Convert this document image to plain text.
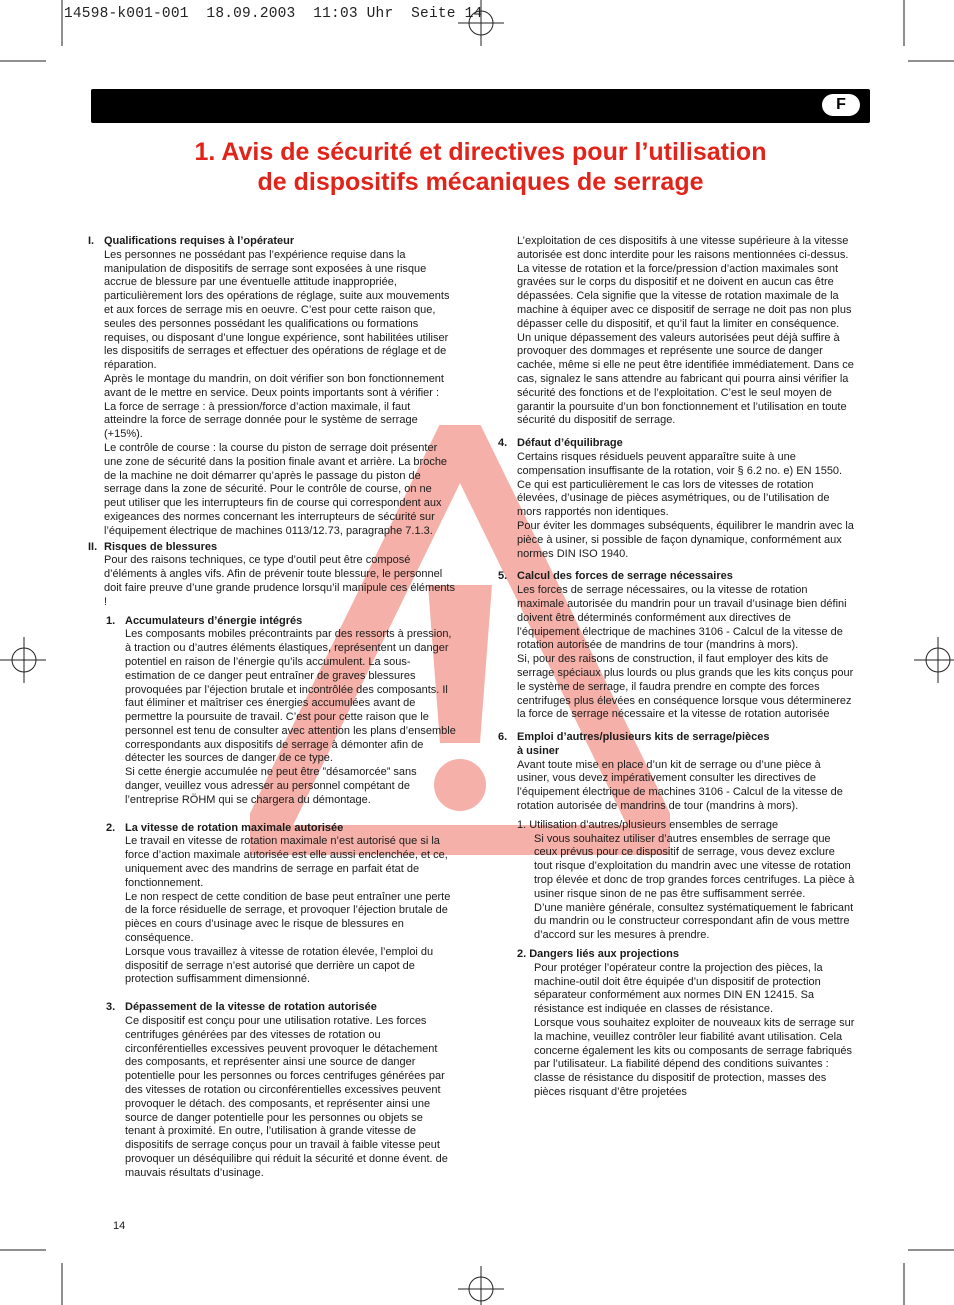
14598-k001-001  18.09.2003  11:03 Uhr  Seite 14
F
1. Avis de sécurité et directives pour l’utilisation
de dispositifs mécaniques de serrage
I. Qualifications requises à l’opérateur

Les personnes ne possédant pas l’expérience requise dans la manipulation de dispositifs de serrage sont exposées à une risque accrue de blessure par une éventuelle attitude inappropriée, particulièrement lors des opérations de réglage, suite aux mouvements et aux forces de serrage mis en oeuvre. C’est pour cette raison que, seules des personnes possédant les qualifications ou formations requises, ou disposant d’une longue expérience, sont habilitées utiliser les dispositifs de serrages et effectuer des opérations de réglage et de réparation.

Après le montage du mandrin, on doit vérifier son bon fonctionnement avant de le mettre en service. Deux points importants sont à vérifier :

La force de serrage : à pression/force d’action maximale, il faut atteindre la force de serrage donnée pour le système de serrage (+15%).

Le contrôle de course : la course du piston de serrage doit présenter une zone de sécurité dans la position finale avant et arrière. La broche de la machine ne doit démarrer qu’après le passage du piston de serrage dans la zone de sécurité. Pour le contrôle de course, on ne peut utiliser que les interrupteurs fin de course qui correspondent aux exigeances des normes concernant les interrupteurs de sécurité sur l’équipement électrique de machines 0113/12.73, paragraphe 7.1.3.

II. Risques de blessures

Pour des raisons techniques, ce type d’outil peut être composé d’éléments à angles vifs. Afin de prévenir toute blessure, le personnel doit faire preuve d’une grande prudence lorsqu’il manipule ces éléments !

1. Accumulateurs d’énergie intégrés

Les composants mobiles précontraints par des ressorts à pression, à traction ou d’autres éléments élastiques, représentent un danger potentiel en raison de l’énergie qu’ils accumulent. La sous-estimation de ce danger peut entraîner de graves blessures provoquées par l’éjection brutale et incontrôlée des composants. Il faut éliminer et maîtriser ces énergies accumulées avant de permettre la poursuite de travail. C’est pour cette raison que le personnel est tenu de consulter avec attention les plans d’ensemble correspondants aux dispositifs de serrage à démonter afin de détecter les sources de danger de ce type.

Si cette énergie accumulée ne peut être ”désamorcée” sans danger, veuillez vous adresser au personnel compétant de l’entreprise RÖHM qui se chargera du démontage.

2. La vitesse de rotation maximale autorisée

Le travail en vitesse de rotation maximale n’est autorisé que si la force d’action maximale autorisée est elle aussi enclenchée, et ce, uniquement avec des mandrins de serrage en parfait état de fonctionnement.

Le non respect de cette condition de base peut entraîner une perte de la force résiduelle de serrage, et provoquer l’éjection brutale de pièces en cours d’usinage avec le risque de blessures en conséquence.

Lorsque vous travaillez à vitesse de rotation élevée, l’emploi du dispositif de serrage n’est autorisé que derrière un capot de protection suffisamment dimensionné.

3. Dépassement de la vitesse de rotation autorisée

Ce dispositif est conçu pour une utilisation rotative. Les forces centrifuges générées par des vitesses de rotation ou circonférentielles excessives peuvent provoquer le détachement des composants, et représenter ainsi une source de danger potentielle pour les personnes ou forces centrifuges générées par des vitesses de rotation ou circonférentielles excessives peuvent provoquer le détach. des composants, et représenter ainsi une source de danger potentielle pour les personnes ou objets se tenant à proximité. En outre, l’utilisation à grande vitesse de dispositifs de serrage conçus pour un travail à faible vitesse peut provoquer un déséquilibre qui réduit la sécurité et donne évent. de mauvais résultats d’usinage.

L’exploitation de ces dispositifs à une vitesse supérieure à la vitesse autorisée est donc interdite pour les raisons mentionnées ci-dessus.

La vitesse de rotation et la force/pression d’action maximales sont gravées sur le corps du dispositif et ne doivent en aucun cas être dépassées. Cela signifie que la vitesse de rotation maximale de la machine à équiper avec ce dispositif de serrage ne doit pas non plus dépasser celle du dispositif, et qu’il faut la limiter en conséquence.

Un unique dépassement des valeurs autorisées peut déjà suffire à provoquer des dommages et représente une source de danger cachée, même si elle ne peut être identifiée immédiatement. Dans ce cas, signalez le sans attendre au fabricant qui pourra ainsi vérifier la sécurité des fonctions et de l’exploitation. C’est le seul moyen de garantir la poursuite d’un bon fonctionnement et l’utilisation en toute sécurité du dispositif de serrage.

4. Défaut d’équilibrage

Certains risques résiduels peuvent apparaître suite à une compensation insuffisante de la rotation, voir § 6.2 no. e) EN 1550. Ce qui est particulièrement le cas lors de vitesses de rotation élevées, d’usinage de pièces asymétriques, ou de l’utilisation de mors rapportés non identiques.

Pour éviter les dommages subséquents, équilibrer le mandrin avec la pièce à usiner, si possible de façon dynamique, conformément aux normes DIN ISO 1940.

5. Calcul des forces de serrage nécessaires

Les forces de serrage nécessaires, ou la vitesse de rotation maximale autorisée du mandrin pour un travail d’usinage bien défini doivent être déterminés conformément aux directives de l’équipement électrique de machines 3106 - Calcul de la vitesse de rotation autorisée de mandrins de tour (mandrins à mors).

Si, pour des raisons de construction, il faut employer des kits de serrage spéciaux plus lourds ou plus grands que les kits conçus pour le système de serrage, il faudra prendre en compte des forces centrifuges plus élevées en conséquence lorsque vous déterminerez la force de serrage nécessaire et la vitesse de rotation autorisée

6. Emploi d’autres/plusieurs kits de serrage/pièces
à usiner

Avant toute mise en place d’un kit de serrage ou d’une pièce à usiner, vous devez impérativement consulter les directives de l’équipement électrique de machines 3106 - Calcul de la vitesse de rotation autorisée de mandrins de tour (mandrins à mors).

1. Utilisation d’autres/plusieurs ensembles de serrage

Si vous souhaitez utiliser d’autres ensembles de serrage que ceux prévus pour ce dispositif de serrage, vous devez exclure tout risque d’exploitation du mandrin avec une vitesse de rotation trop élevée et donc de trop grandes forces centrifuges. La pièce à usiner risque sinon de ne pas être suffisamment serrée.

D’une manière générale, consultez systématiquement le fabricant du mandrin ou le constructeur correspondant afin de vous mettre d’accord sur les mesures à prendre.

2. Dangers liés aux projections

Pour protéger l’opérateur contre la projection des pièces, la machine-outil doit être équipée d’un dispositif de protection séparateur conformément aux normes DIN EN 12415. Sa résistance est indiquée en classes de résistance.

Lorsque vous souhaitez exploiter de nouveaux kits de serrage sur la machine, veuillez contrôler leur fiabilité avant utilisation. Cela concerne également les kits ou composants de serrage fabriqués par l’utilisateur. La fiabilité dépend des conditions suivantes : classe de résistance du dispositif de protection, masses des pièces risquant d’être projetées

14
